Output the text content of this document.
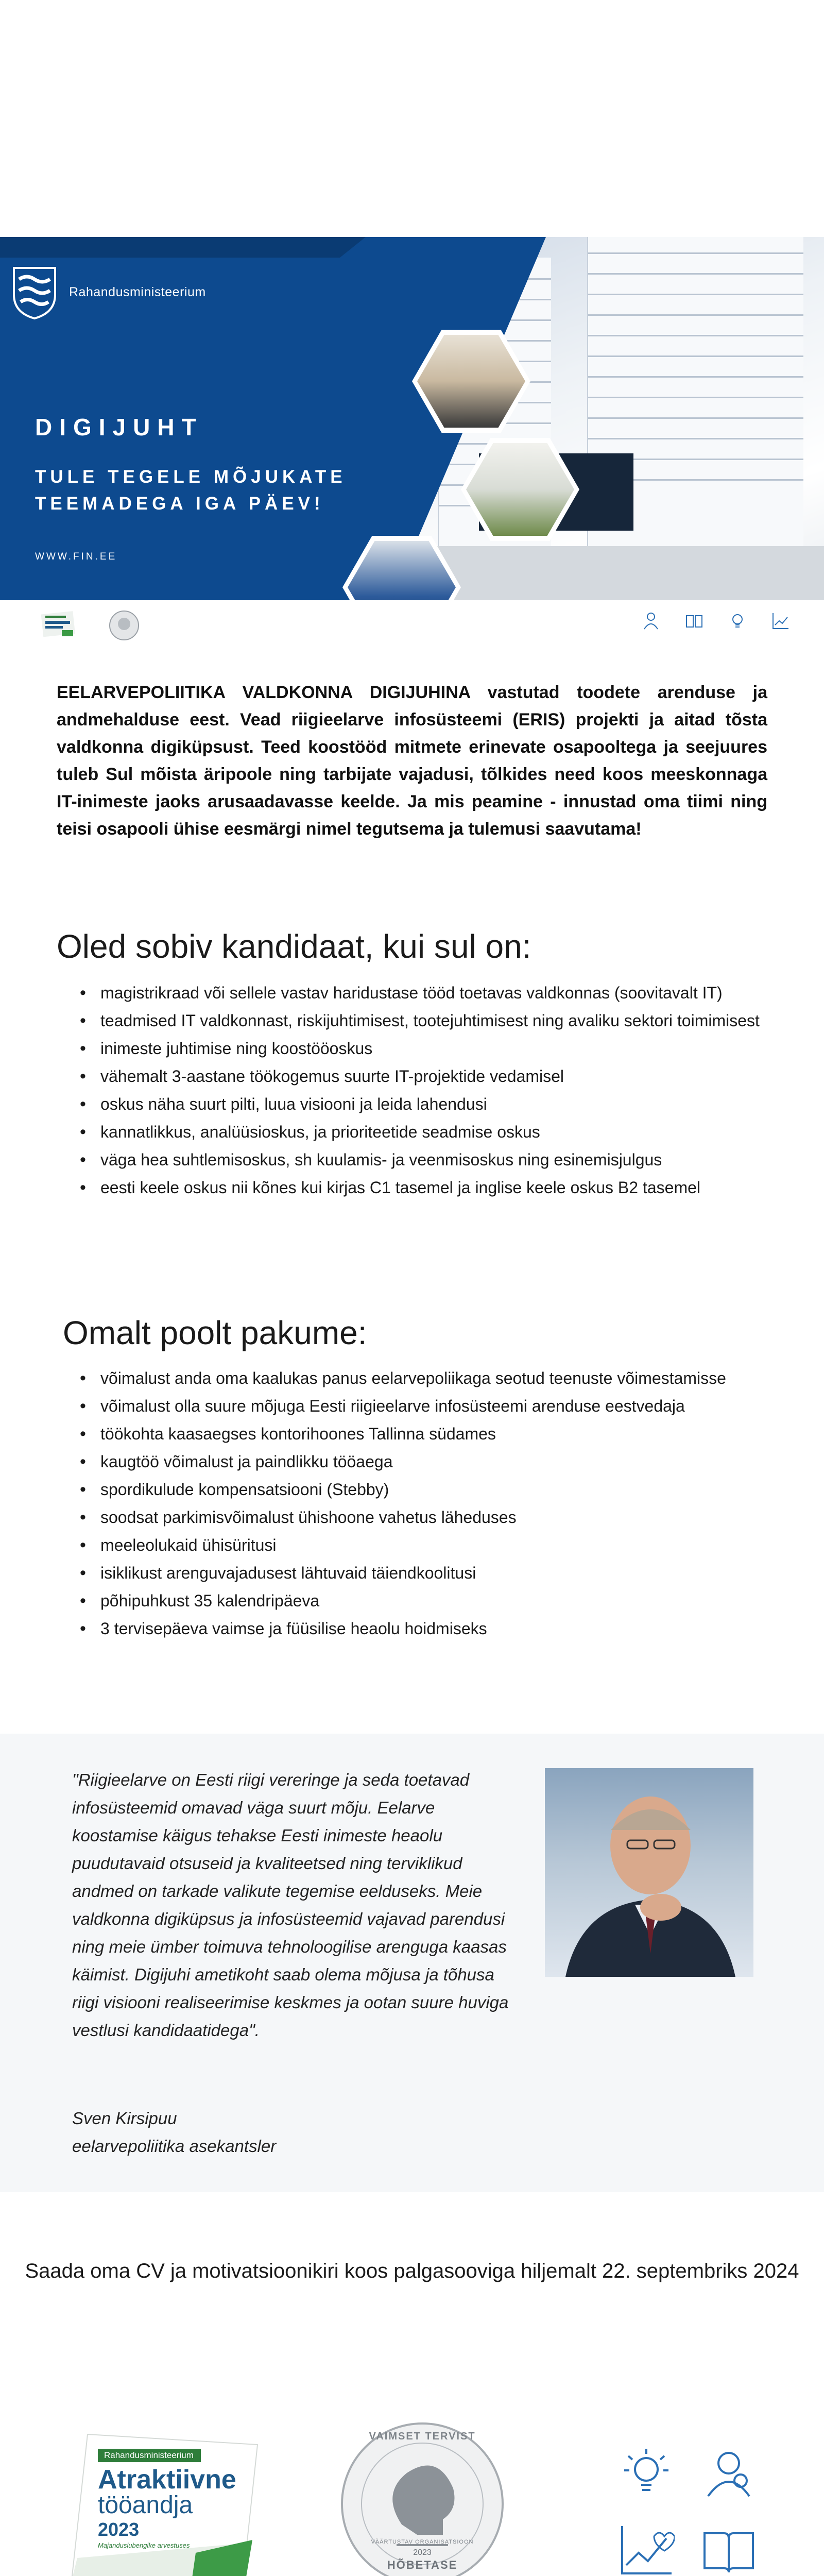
Rahandusministeerium
DIGIJUHT
TULE TEGELE MÕJUKATE
TEEMADEGA IGA PÄEV!
WWW.FIN.EE

EELARVEPOLIITIKA VALDKONNA DIGIJUHINA vastutad toodete arenduse ja andmehalduse eest. Vead riigieelarve infosüsteemi (ERIS) projekti ja aitad tõsta valdkonna digiküpsust. Teed koostööd mitmete erinevate osapooltega ja seejuures tuleb Sul mõista äripoole ning tarbijate vajadusi, tõlkides need koos meeskonnaga IT-inimeste jaoks arusaadavasse keelde. Ja mis peamine - innustad oma tiimi ning teisi osapooli ühise eesmärgi nimel tegutsema ja tulemusi saavutama!

Oled sobiv kandidaat, kui sul on:
• magistrikraad või sellele vastav haridustase tööd toetavas valdkonnas (soovitavalt IT)
• teadmised IT valdkonnast, riskijuhtimisest, tootejuhtimisest ning avaliku sektori toimimisest
• inimeste juhtimise ning koostööoskus
• vähemalt 3-aastane töökogemus suurte IT-projektide vedamisel
• oskus näha suurt pilti, luua visiooni ja leida lahendusi
• kannatlikkus, analüüsioskus, ja prioriteetide seadmise oskus
• väga hea suhtlemisoskus, sh kuulamis- ja veenmisoskus ning esinemisjulgus
• eesti keele oskus nii kõnes kui kirjas C1 tasemel ja inglise keele oskus B2 tasemel
Omalt poolt pakume:
• võimalust anda oma kaalukas panus eelarvepoliikaga seotud teenuste võimestamisse
• võimalust olla suure mõjuga Eesti riigieelarve infosüsteemi arenduse eestvedaja
• töökohta kaasaegses kontorihoones Tallinna südames
• kaugtöö võimalust ja paindlikku tööaega
• spordikulude kompensatsiooni (Stebby)
• soodsat parkimisvõimalust ühishoone vahetus läheduses
• meeleolukaid ühisüritusi
• isiklikust arenguvajadusest lähtuvaid täiendkoolitusi
• põhipuhkust 35 kalendripäeva
• 3 tervisepäeva vaimse ja füüsilise heaolu hoidmiseks

"Riigieelarve on Eesti riigi vereringe ja seda toetavad infosüsteemid omavad väga suurt mõju. Eelarve koostamise käigus tehakse Eesti inimeste heaolu puudutavaid otsuseid ja kvaliteetsed ning terviklikud andmed on tarkade valikute tegemise eelduseks. Meie valdkonna digiküpsus ja infosüsteemid vajavad parendusi ning meie ümber toimuva tehnoloogilise arenguga kaasas käimist. Digijuhi ametikoht saab olema mõjusa ja tõhusa riigi visiooni realiseerimise keskmes ja ootan suure huviga vestlusi kandidaatidega".

Sven Kirsipuu
eelarvepoliitika asekantsler

Saada oma CV ja motivatsioonikiri koos palgasooviga hiljemalt 22. septembriks 2024

Rahandusministeerium
Atraktiivne
tööandja
2023
Majanduslubengike arvestuses
VAIMSET TERVIST
VÄÄRTUSTAV ORGANISATSIOON
2023
HÕBETASE
